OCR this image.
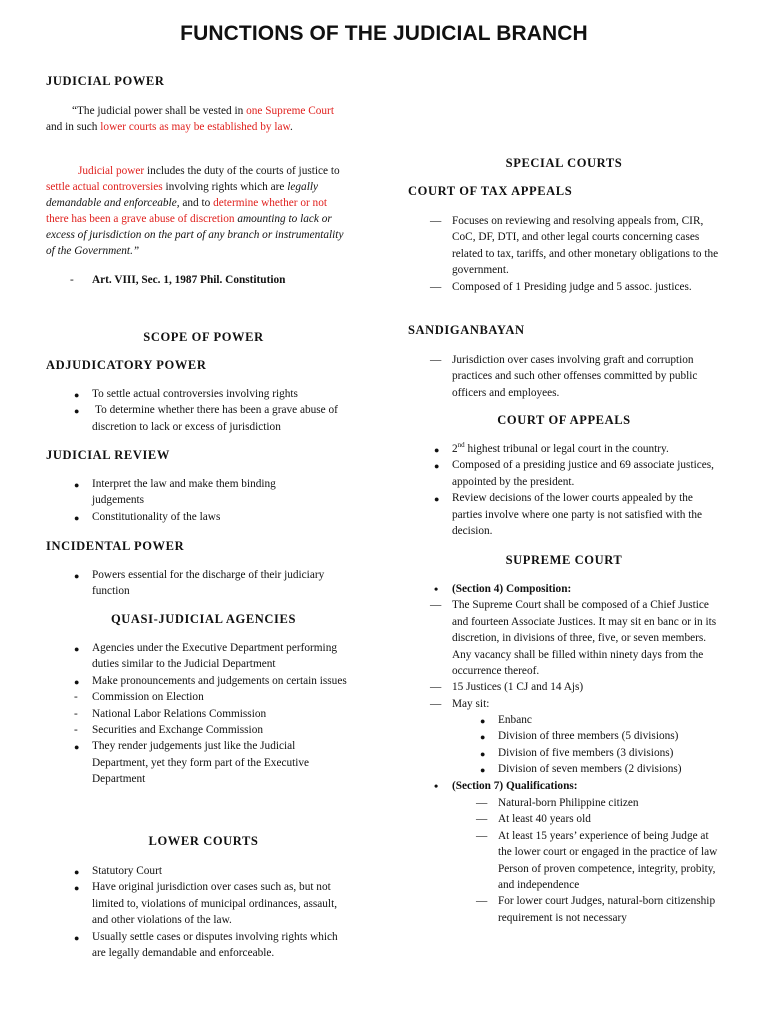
FUNCTIONS OF THE JUDICIAL BRANCH
JUDICIAL POWER

“The judicial power shall be vested in one Supreme Court and in such lower courts as may be established by law.

Judicial power includes the duty of the courts of justice to settle actual controversies involving rights which are legally demandable and enforceable, and to determine whether or not there has been a grave abuse of discretion amounting to lack or excess of jurisdiction on the part of any branch or instrumentality of the Government.”

- Art. VIII, Sec. 1, 1987 Phil. Constitution
SCOPE OF POWER
ADJUDICATORY POWER
● To settle actual controversies involving rights
● To determine whether there has been a grave abuse of discretion to lack or excess of jurisdiction
JUDICIAL REVIEW
● Interpret the law and make them binding judgements
● Constitutionality of the laws
INCIDENTAL POWER
● Powers essential for the discharge of their judiciary function
QUASI-JUDICIAL AGENCIES
● Agencies under the Executive Department performing duties similar to the Judicial Department
● Make pronouncements and judgements on certain issues
- Commission on Election
- National Labor Relations Commission
- Securities and Exchange Commission
● They render judgements just like the Judicial Department, yet they form part of the Executive Department
LOWER COURTS
● Statutory Court
● Have original jurisdiction over cases such as, but not limited to, violations of municipal ordinances, assault, and other violations of the law.
● Usually settle cases or disputes involving rights which are legally demandable and enforceable.
SPECIAL COURTS
COURT OF TAX APPEALS
— Focuses on reviewing and resolving appeals from, CIR, CoC, DF, DTI, and other legal courts concerning cases related to tax, tariffs, and other monetary obligations to the government.
— Composed of 1 Presiding judge and 5 assoc. justices.
SANDIGANBAYAN
— Jurisdiction over cases involving graft and corruption practices and such other offenses committed by public officers and employees.
COURT OF APPEALS
● 2nd highest tribunal or legal court in the country.
● Composed of a presiding justice and 69 associate justices, appointed by the president.
● Review decisions of the lower courts appealed by the parties involve where one party is not satisfied with the decision.
SUPREME COURT
• (Section 4) Composition:
— The Supreme Court shall be composed of a Chief Justice and fourteen Associate Justices. It may sit en banc or in its discretion, in divisions of three, five, or seven members. Any vacancy shall be filled within ninety days from the occurrence thereof.
— 15 Justices (1 CJ and 14 Ajs)
— May sit:
● Enbanc
● Division of three members (5 divisions)
● Division of five members (3 divisions)
● Division of seven members (2 divisions)
• (Section 7) Qualifications:
— Natural-born Philippine citizen
— At least 40 years old
— At least 15 years’ experience of being Judge at the lower court or engaged in the practice of law Person of proven competence, integrity, probity, and independence
— For lower court Judges, natural-born citizenship requirement is not necessary
